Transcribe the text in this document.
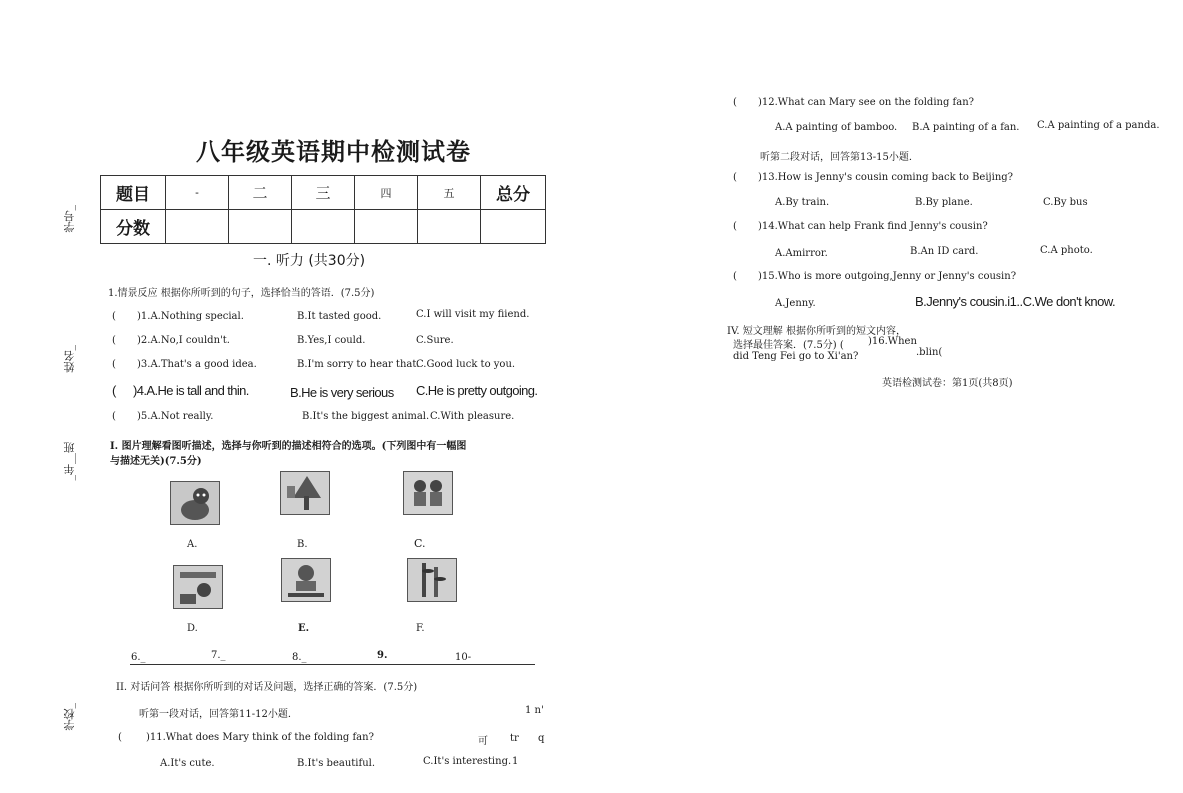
学号_
姓名_
_年__班
学校_
八年级英语期中检测试卷
题目	-	二	三	四	五	总分
分数						
一. 听力 (共30分)
1.情景反应 根据你所听到的句子，选择恰当的答语．(7.5分)
( )1.A.Nothing special.	B.It tasted good.	C.I will visit my fiiend.
( )2.A.No,I couldn't.	B.Yes,I could.	C.Sure.
( )3.A.That's a good idea.	B.I'm sorry to hear that.
C.Good luck to you.
( )4.A.He is tall and thin.	B.He is very serious C.He is pretty outgoing.
( )5.A.Not really.	B.It's the biggest animal. C.With pleasure.
I. 图片理解看图听描述，选择与你听到的描述相符合的选项。(下列图中有一幅图
与描述无关)(7.5分)
A.	B.	C.
D.	E.	F.
6._	7._	8._	9.	10-
II. 对话问答 根据你所听到的对话及问题，选择正确的答案．(7.5分)
听第一段对话，回答第11-12小题．	1 n'
( )11.What does Mary think of the folding fan?	可 tr q
A.It's cute.	B.It's beautiful.	C.It's interesting. 1
( )12.What can Mary see on the folding fan?
A.A painting of bamboo. B.A painting of a fan. C.A painting of a panda.
听第二段对话，回答第13-15小题．
( )13.How is Jenny's cousin coming back to Beijing?
A.By train.	B.By plane.	C.By bus
( )14.What can help Frank find Jenny's cousin?
A.Amirror.	B.An ID card.	C.A photo.
( )15.Who is more outgoing,Jenny or Jenny's cousin?
A.Jenny.	B.Jenny's cousin.i1..C.We don't know.
IV. 短文理解 根据你所听到的短文内容，
选择最佳答案．(7.5分) ( )16.When
did Teng Fei go to Xi'an?	.blin(
英语检测试卷：第1页(共8页)
